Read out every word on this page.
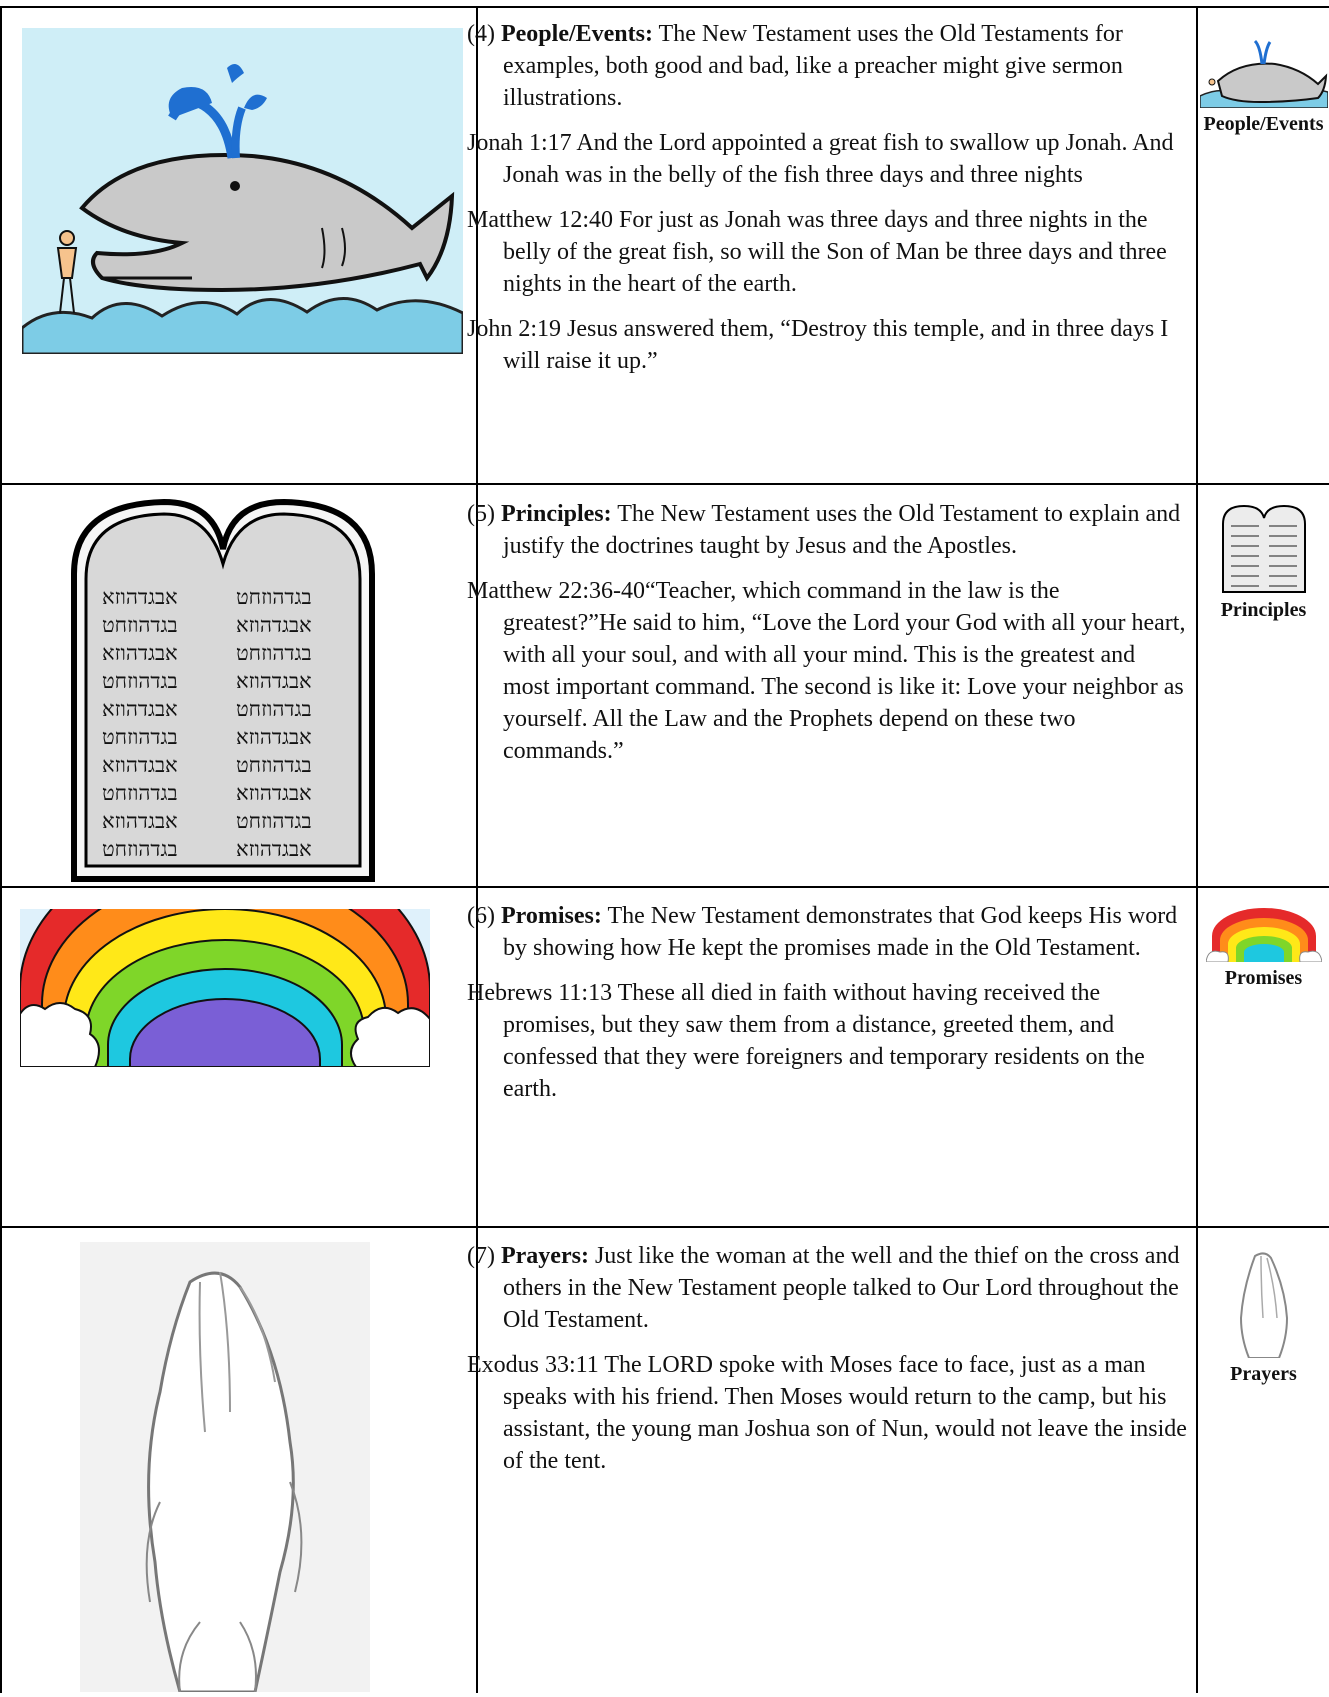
(4) People/Events: The New Testament uses the Old Testaments for examples, both good and bad, like a preacher might give sermon illustrations.

Jonah 1:17 And the Lord appointed a great fish to swallow up Jonah. And Jonah was in the belly of the fish three days and three nights

Matthew 12:40 For just as Jonah was three days and three nights in the belly of the great fish, so will the Son of Man be three days and three nights in the heart of the earth.

John 2:19 Jesus answered them, “Destroy this temple, and in three days I will raise it up.”

People/Events
אבגדהוזא	בגדהוזחט
בגדהוזחט	אבגדהוזא
אבגדהוזא	בגדהוזחט
בגדהוזחט	אבגדהוזא
אבגדהוזא	בגדהוזחט
בגדהוזחט	אבגדהוזא
אבגדהוזא	בגדהוזחט
בגדהוזחט	אבגדהוזא
אבגדהוזא	בגדהוזחט
בגדהוזחט	אבגדהוזא

(5) Principles: The New Testament uses the Old Testament to explain and justify the doctrines taught by Jesus and the Apostles.

Matthew 22:36-40“Teacher, which command in the law is the greatest?”He said to him, “Love the Lord your God with all your heart, with all your soul, and with all your mind. This is the greatest and most important command. The second is like it: Love your neighbor as yourself. All the Law and the Prophets depend on these two commands.”

Principles

(6) Promises: The New Testament demonstrates that God keeps His word by showing how He kept the promises made in the Old Testament.

Hebrews 11:13 These all died in faith without having received the promises, but they saw them from a distance, greeted them, and confessed that they were foreigners and temporary residents on the earth.

Promises

(7) Prayers: Just like the woman at the well and the thief on the cross and others in the New Testament people talked to Our Lord throughout the Old Testament.

Exodus 33:11 The LORD spoke with Moses face to face, just as a man speaks with his friend. Then Moses would return to the camp, but his assistant, the young man Joshua son of Nun, would not leave the inside of the tent.

Prayers
